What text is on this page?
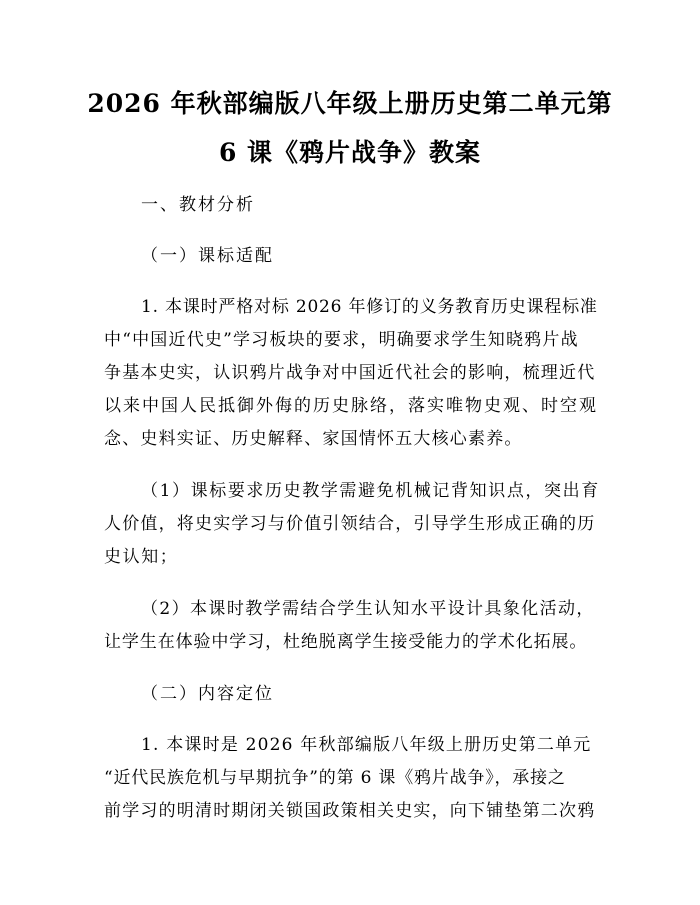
2026 年秋部编版八年级上册历史第二单元第
6 课《鸦片战争》教案

一、教材分析

（一）课标适配

1. 本课时严格对标 2026 年修订的义务教育历史课程标准

中“中国近代史”学习板块的要求，明确要求学生知晓鸦片战

争基本史实，认识鸦片战争对中国近代社会的影响，梳理近代

以来中国人民抵御外侮的历史脉络，落实唯物史观、时空观

念、史料实证、历史解释、家国情怀五大核心素养。

（1）课标要求历史教学需避免机械记背知识点，突出育

人价值，将史实学习与价值引领结合，引导学生形成正确的历

史认知；

（2）本课时教学需结合学生认知水平设计具象化活动，

让学生在体验中学习，杜绝脱离学生接受能力的学术化拓展。

（二）内容定位

1. 本课时是 2026 年秋部编版八年级上册历史第二单元

“近代民族危机与早期抗争”的第 6 课《鸦片战争》，承接之

前学习的明清时期闭关锁国政策相关史实，向下铺垫第二次鸦
